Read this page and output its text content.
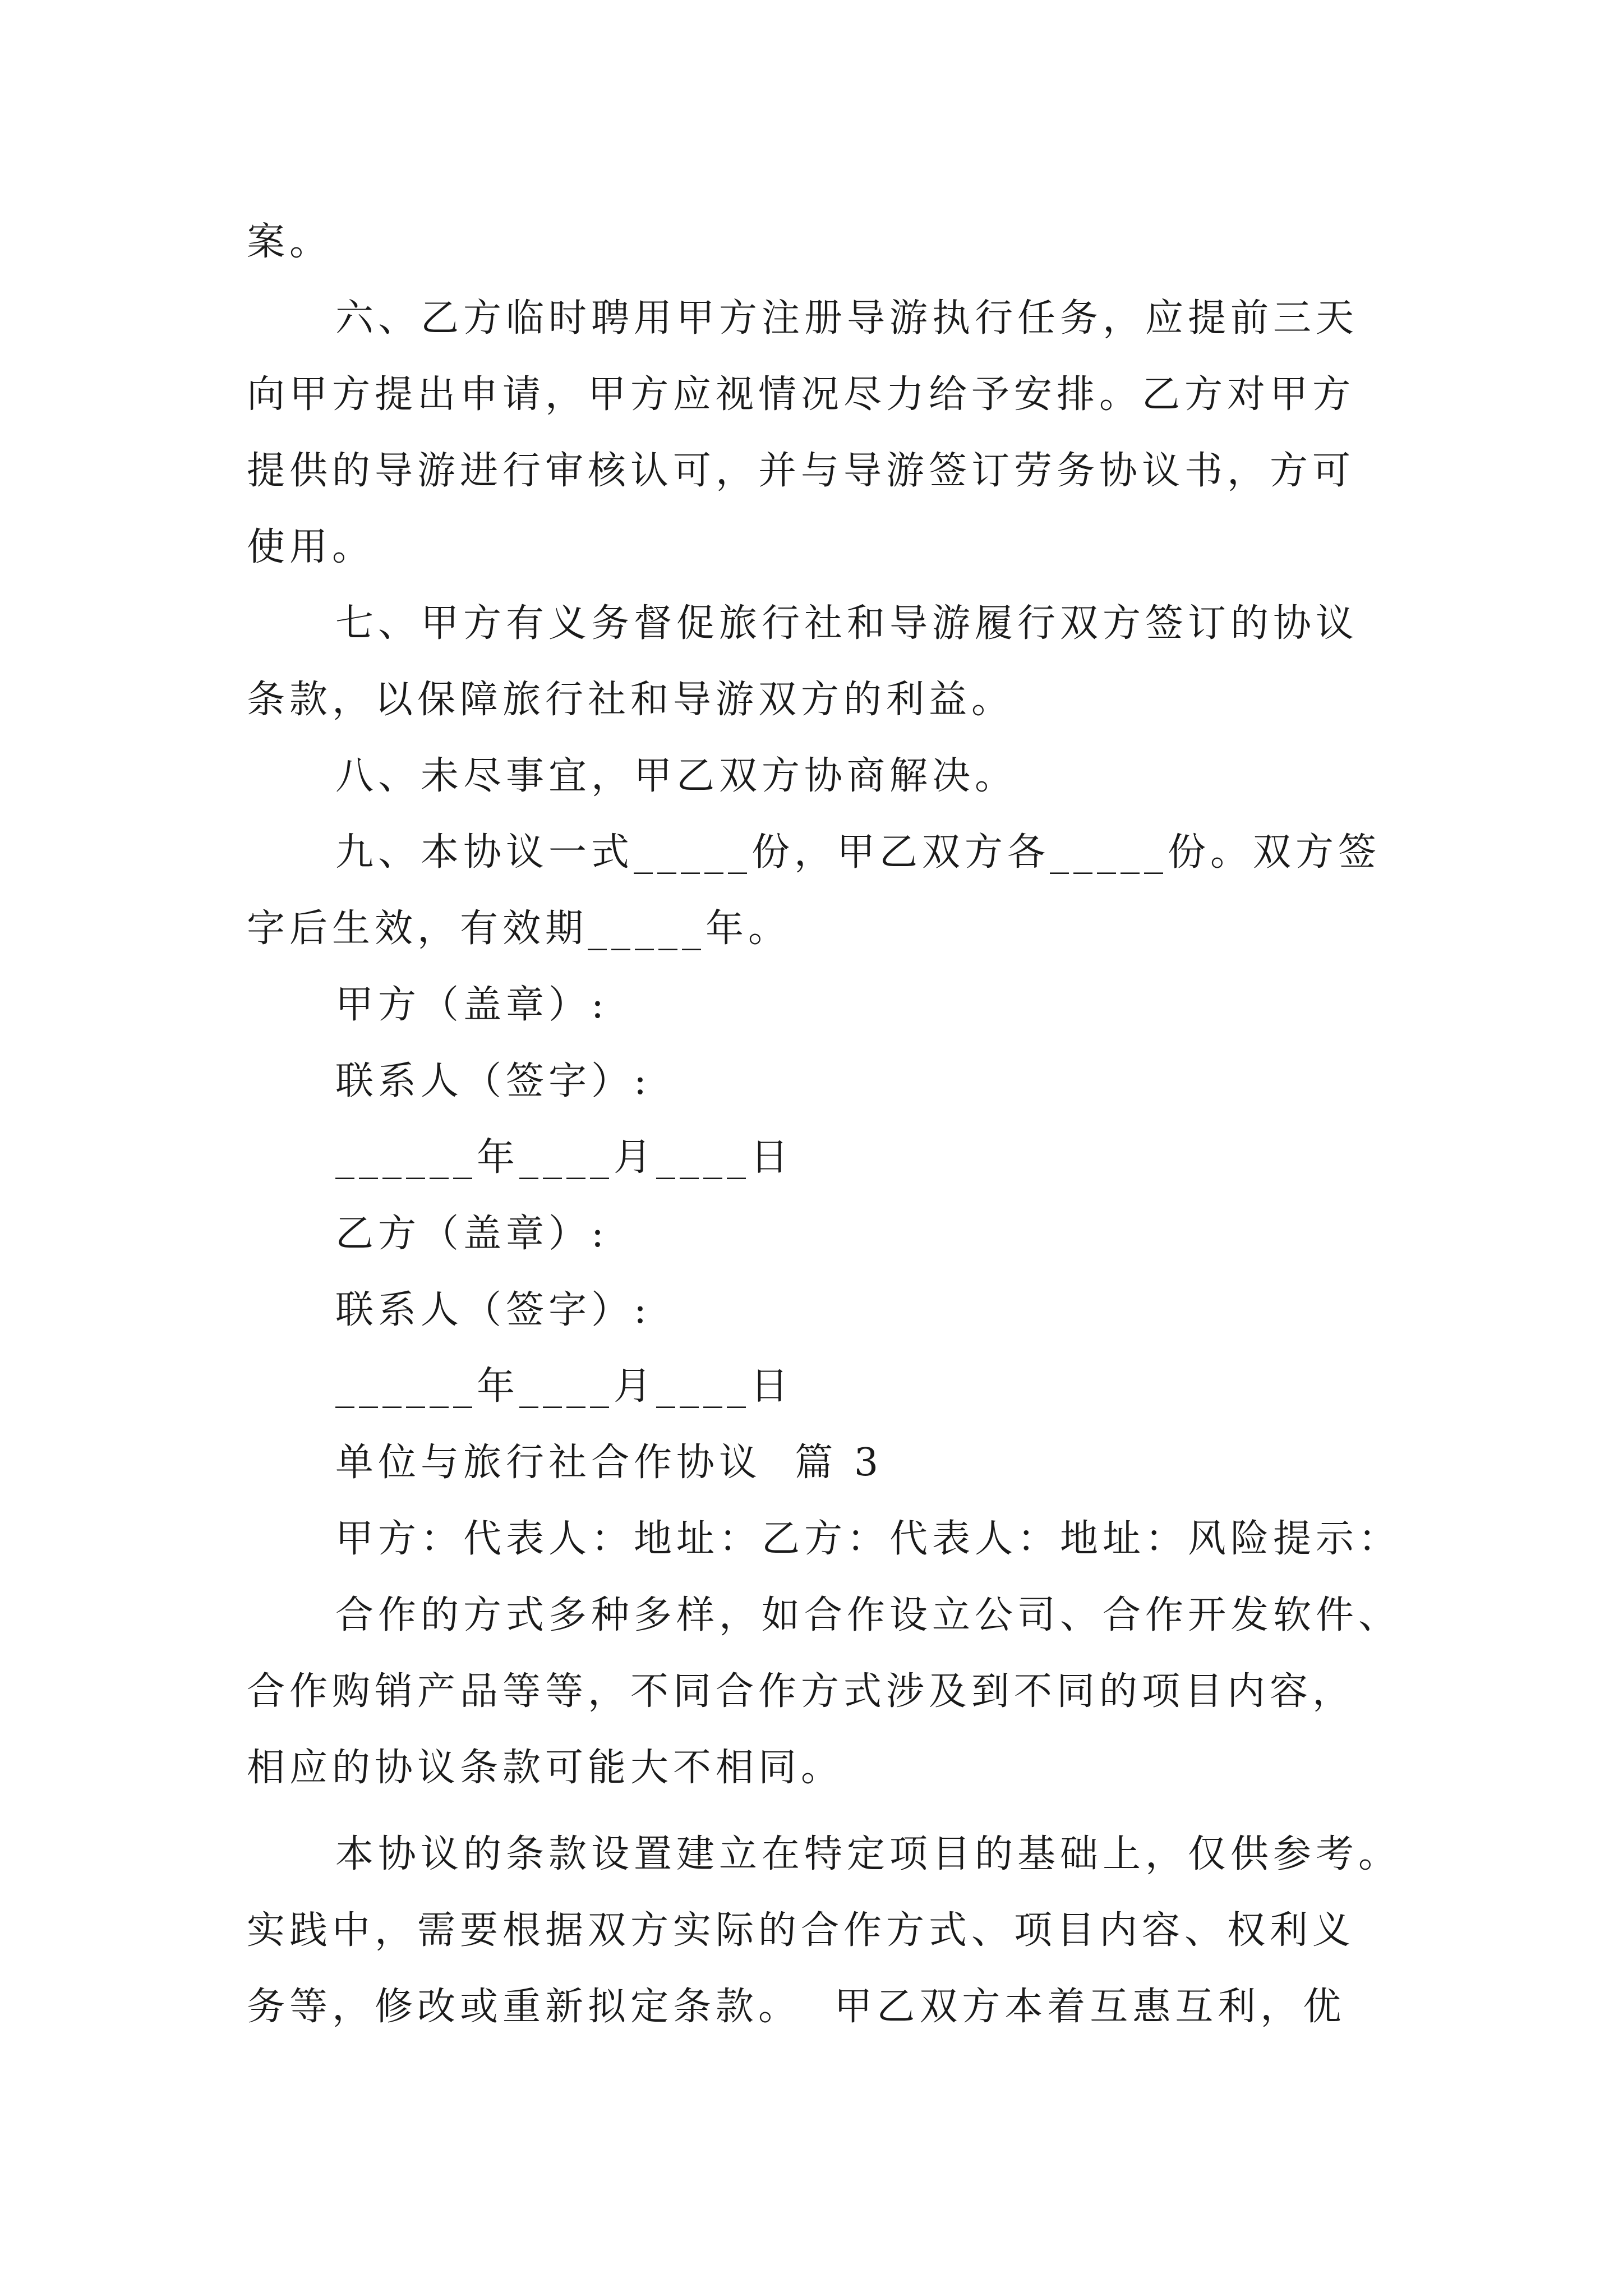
案。
六、乙方临时聘用甲方注册导游执行任务，应提前三天
向甲方提出申请，甲方应视情况尽力给予安排。乙方对甲方
提供的导游进行审核认可，并与导游签订劳务协议书，方可
使用。
七、甲方有义务督促旅行社和导游履行双方签订的协议
条款，以保障旅行社和导游双方的利益。
八、未尽事宜，甲乙双方协商解决。
九、本协议一式_____份，甲乙双方各_____份。双方签
字后生效，有效期_____年。
甲方（盖章）:
联系人（签字）:
______年____月____日
乙方（盖章）:
联系人（签字）:
______年____月____日
单位与旅行社合作协议  篇 3
甲方：代表人：地址：乙方：代表人：地址：风险提示：
合作的方式多种多样，如合作设立公司、合作开发软件、
合作购销产品等等，不同合作方式涉及到不同的项目内容，
相应的协议条款可能大不相同。
本协议的条款设置建立在特定项目的基础上，仅供参考。
实践中，需要根据双方实际的合作方式、项目内容、权利义
务等，修改或重新拟定条款。  甲乙双方本着互惠互利，优
